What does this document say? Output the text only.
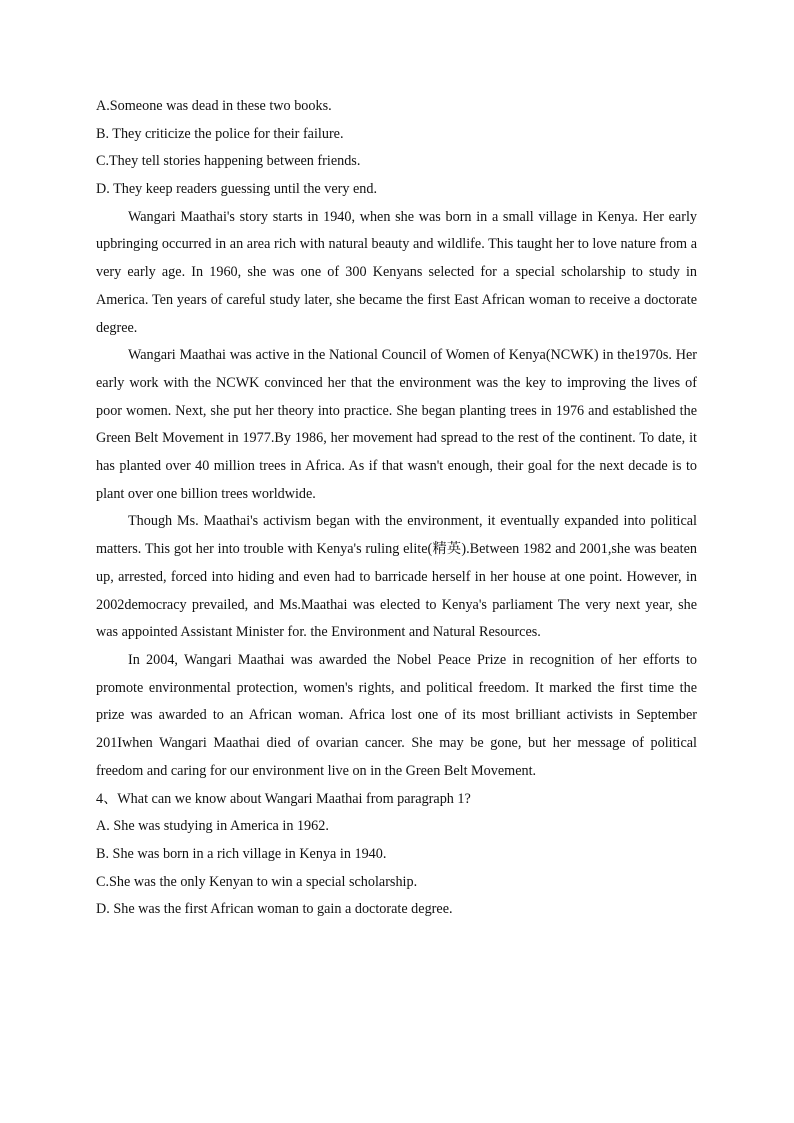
A.Someone was dead in these two books.
B. They criticize the police for their failure.
C.They tell stories happening between friends.
D. They keep readers guessing until the very end.

Wangari Maathai's story starts in 1940, when she was born in a small village in Kenya. Her early upbringing occurred in an area rich with natural beauty and wildlife. This taught her to love nature from a very early age. In 1960, she was one of 300 Kenyans selected for a special scholarship to study in America. Ten years of careful study later, she became the first East African woman to receive a doctorate degree.

Wangari Maathai was active in the National Council of Women of Kenya(NCWK) in the1970s. Her early work with the NCWK convinced her that the environment was the key to improving the lives of poor women. Next, she put her theory into practice. She began planting trees in 1976 and established the Green Belt Movement in 1977.By 1986, her movement had spread to the rest of the continent. To date, it has planted over 40 million trees in Africa. As if that wasn't enough, their goal for the next decade is to plant over one billion trees worldwide.

Though Ms. Maathai's activism began with the environment, it eventually expanded into political matters. This got her into trouble with Kenya's ruling elite(精英).Between 1982 and 2001,she was beaten up, arrested, forced into hiding and even had to barricade herself in her house at one point. However, in 2002democracy prevailed, and Ms.Maathai was elected to Kenya's parliament The very next year, she was appointed Assistant Minister for. the Environment and Natural Resources.

In 2004, Wangari Maathai was awarded the Nobel Peace Prize in recognition of her efforts to promote environmental protection, women's rights, and political freedom. It marked the first time the prize was awarded to an African woman. Africa lost one of its most brilliant activists in September 201Iwhen Wangari Maathai died of ovarian cancer. She may be gone, but her message of political freedom and caring for our environment live on in the Green Belt Movement.

4、What can we know about Wangari Maathai from paragraph 1?
A. She was studying in America in 1962.
B. She was born in a rich village in Kenya in 1940.
C.She was the only Kenyan to win a special scholarship.
D. She was the first African woman to gain a doctorate degree.
